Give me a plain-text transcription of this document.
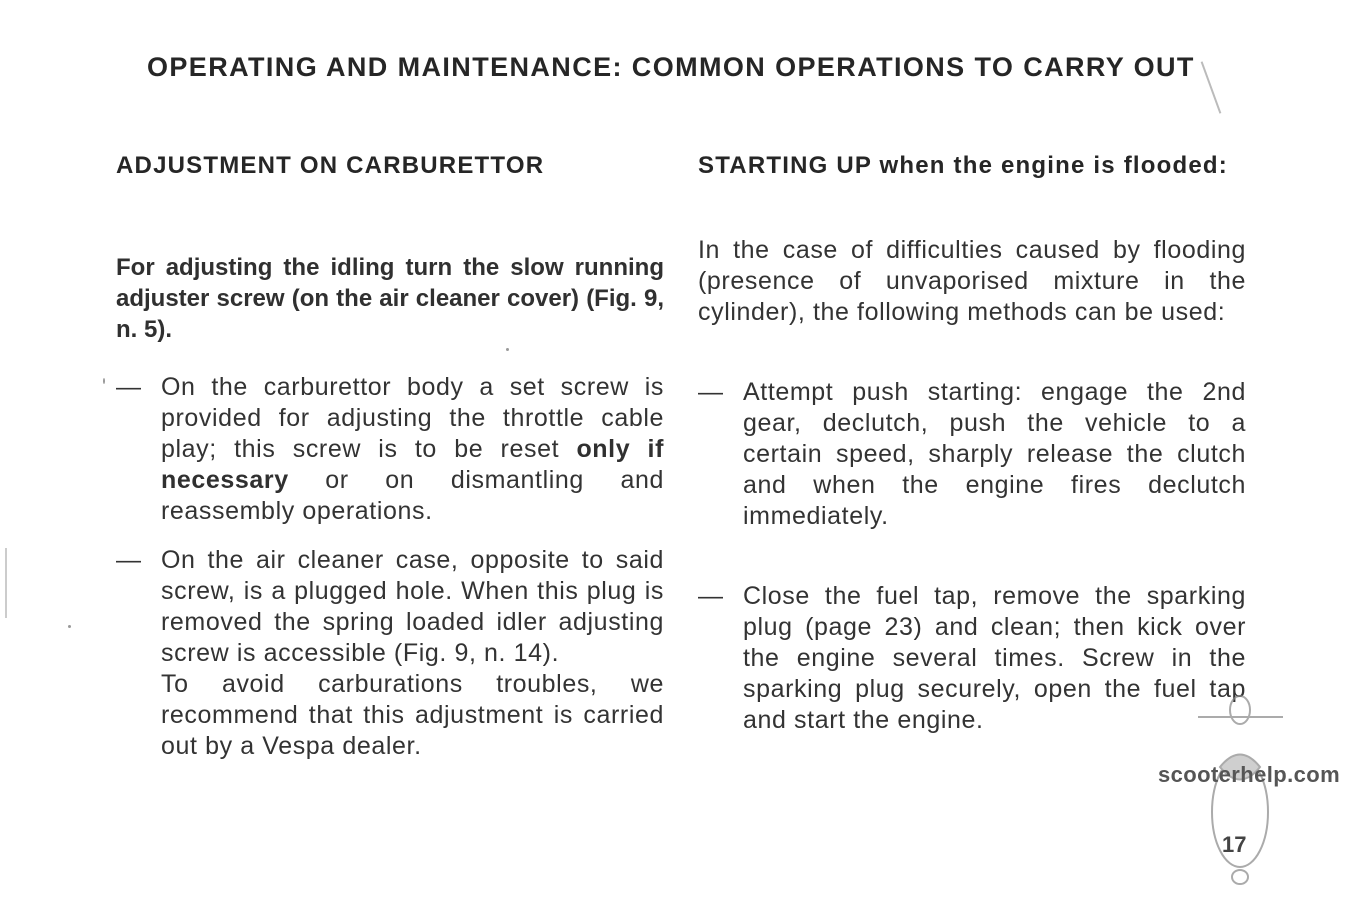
OPERATING AND MAINTENANCE: COMMON OPERATIONS TO CARRY OUT
ADJUSTMENT ON CARBURETTOR
For adjusting the idling turn the slow running adjuster screw (on the air cleaner cover) (Fig. 9, n. 5).
— On the carburettor body a set screw is provided for adjusting the throttle cable play; this screw is to be reset only if necessary or on dismantling and reassembly operations.

— On the air cleaner case, opposite to said screw, is a plugged hole. When this plug is removed the spring loaded idler adjusting screw is accessible (Fig. 9, n. 14).

To avoid carburations troubles, we recommend that this adjustment is carried out by a Vespa dealer.

STARTING UP when the engine is flooded:
In the case of difficulties caused by flooding (presence of unvaporised mixture in the cylinder), the following methods can be used:
— Attempt push starting: engage the 2nd gear, declutch, push the vehicle to a certain speed, sharply release the clutch and when the engine fires declutch immediately.

— Close the fuel tap, remove the sparking plug (page 23) and clean; then kick over the engine several times. Screw in the sparking plug securely, open the fuel tap and start the engine.

scooterhelp.com
17
